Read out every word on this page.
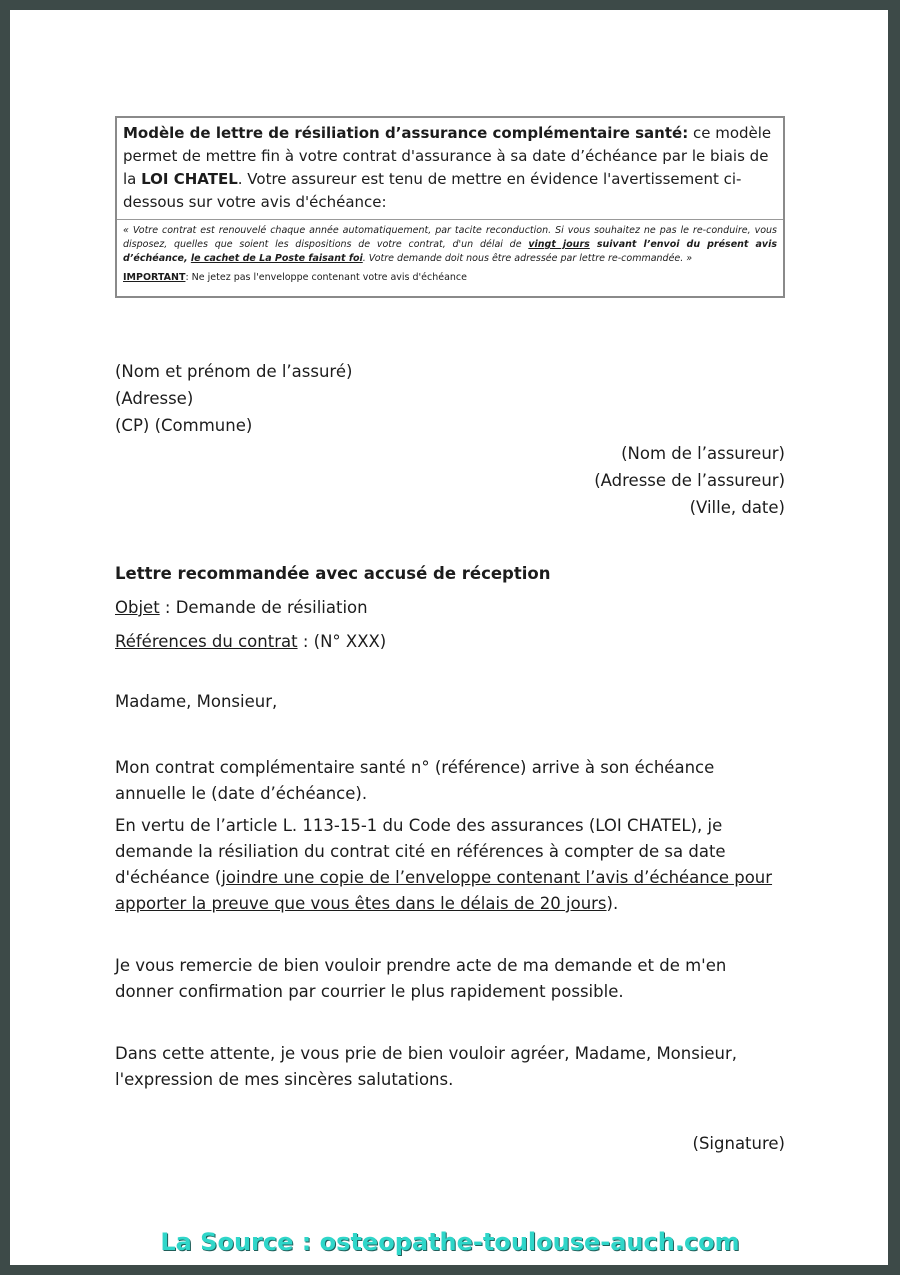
Modèle de lettre de résiliation d’assurance complémentaire santé: ce modèle permet de mettre fin à votre contrat d'assurance à sa date d’échéance par le biais de la LOI CHATEL. Votre assureur est tenu de mettre en évidence l'avertissement ci-dessous sur votre avis d'échéance:
« Votre contrat est renouvelé chaque année automatiquement, par tacite reconduction. Si vous souhaitez ne pas le re-conduire, vous disposez, quelles que soient les dispositions de votre contrat, d'un délai de vingt jours suivant l’envoi du présent avis d’échéance, le cachet de La Poste faisant foi. Votre demande doit nous être adressée par lettre re-commandée. »
IMPORTANT: Ne jetez pas l'enveloppe contenant votre avis d'échéance
(Nom et prénom de l’assuré)
(Adresse)
(CP) (Commune)
(Nom de l’assureur)
(Adresse de l’assureur)
(Ville, date)
Lettre recommandée avec accusé de réception
Objet : Demande de résiliation
Références du contrat : (N° XXX)
Madame, Monsieur,
Mon contrat complémentaire santé n° (référence) arrive à son échéance annuelle le (date d’échéance).
En vertu de l’article L. 113-15-1 du Code des assurances (LOI CHATEL), je demande la résiliation du contrat cité en références à compter de sa date d'échéance (joindre une copie de l’enveloppe contenant l’avis d’échéance pour apporter la preuve que vous êtes dans le délais de 20 jours).
Je vous remercie de bien vouloir prendre acte de ma demande et de m'en donner confirmation par courrier le plus rapidement possible.
Dans cette attente, je vous prie de bien vouloir agréer, Madame, Monsieur, l'expression de mes sincères salutations.
(Signature)
La Source : osteopathe-toulouse-auch.com
